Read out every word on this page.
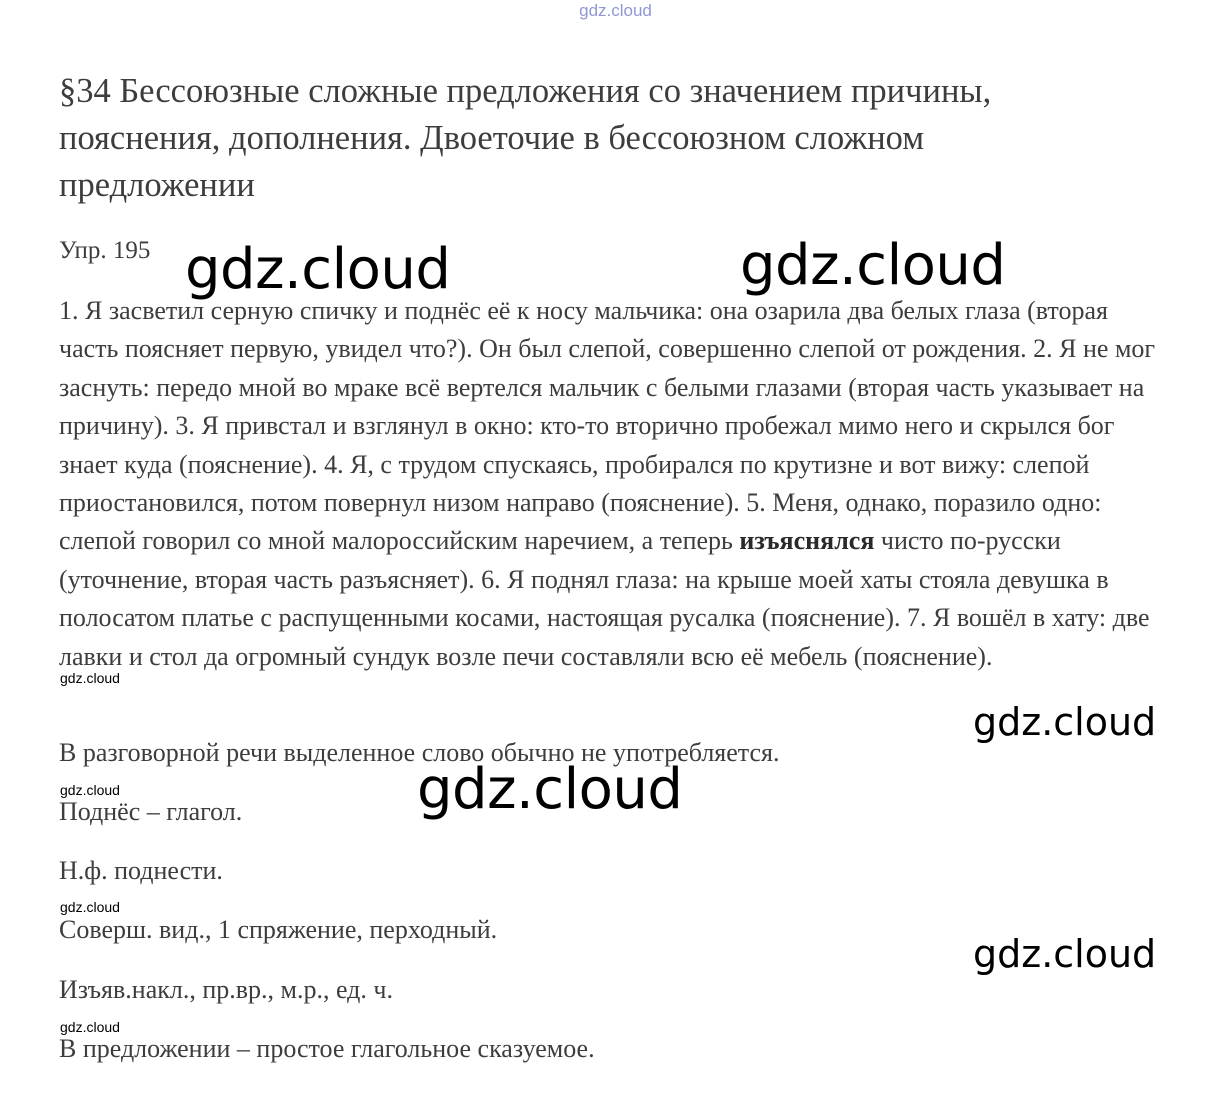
gdz.cloud
§34 Бессоюзные сложные предложения со значением причины, пояснения, дополнения. Двоеточие в бессоюзном сложном предложении
Упр. 195
1. Я засветил серную спичку и поднёс её к носу мальчика: она озарила два белых глаза (вторая часть поясняет первую, увидел что?). Он был слепой, совершенно слепой от рождения. 2. Я не мог заснуть: передо мной во мраке всё вертелся мальчик с белыми глазами (вторая часть указывает на причину). 3. Я привстал и взглянул в окно: кто-то вторично пробежал мимо него и скрылся бог знает куда (пояснение). 4. Я, с трудом спускаясь, пробирался по крутизне и вот вижу: слепой приостановился, потом повернул низом направо (пояснение). 5. Меня, однако, поразило одно: слепой говорил со мной малороссийским наречием, а теперь изъяснялся чисто по-русски (уточнение, вторая часть разъясняет). 6. Я поднял глаза: на крыше моей хаты стояла девушка в полосатом платье с распущенными косами, настоящая русалка (пояснение). 7. Я вошёл в хату: две лавки и стол да огромный сундук возле печи составляли всю её мебель (пояснение).
В разговорной речи выделенное слово обычно не употребляется.
Поднёс – глагол.
Н.ф. поднести.
Соверш. вид., 1 спряжение, перходный.
Изъяв.накл., пр.вр., м.р., ед. ч.
В предложении – простое глагольное сказуемое.
gdz.cloud	gdz.cloud
gdz.cloud
gdz.cloud
gdz.cloud
gdz.cloud
gdz.cloud
gdz.cloud
gdz.cloud
